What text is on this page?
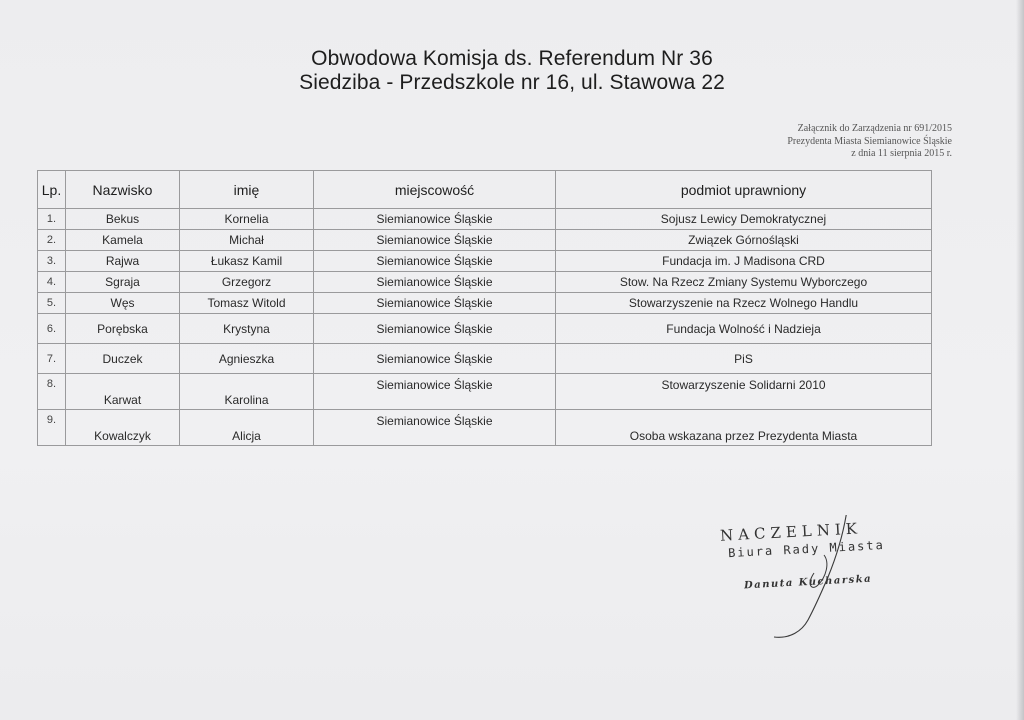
Obwodowa Komisja ds. Referendum Nr 36
Siedziba - Przedszkole nr 16, ul. Stawowa 22
Załącznik do Zarządzenia nr 691/2015
Prezydenta Miasta Siemianowice Śląskie
z dnia 11 sierpnia 2015 r.
Lp.	Nazwisko	imię	miejscowość	podmiot uprawniony
1.	Bekus	Kornelia	Siemianowice Śląskie	Sojusz Lewicy Demokratycznej
2.	Kamela	Michał	Siemianowice Śląskie	Związek Górnośląski
3.	Rajwa	Łukasz Kamil	Siemianowice Śląskie	Fundacja im. J Madisona CRD
4.	Sgraja	Grzegorz	Siemianowice Śląskie	Stow. Na Rzecz Zmiany Systemu Wyborczego
5.	Węs	Tomasz Witold	Siemianowice Śląskie	Stowarzyszenie na Rzecz Wolnego Handlu
6.	Porębska	Krystyna	Siemianowice Śląskie	Fundacja Wolność i Nadzieja
7.	Duczek	Agnieszka	Siemianowice Śląskie	PiS
8.	Karwat	Karolina	Siemianowice Śląskie	Stowarzyszenie Solidarni 2010
9.	Kowalczyk	Alicja	Siemianowice Śląskie	Osoba wskazana przez Prezydenta Miasta
NACZELNIK
Biura Rady Miasta
Danuta Kucharska
